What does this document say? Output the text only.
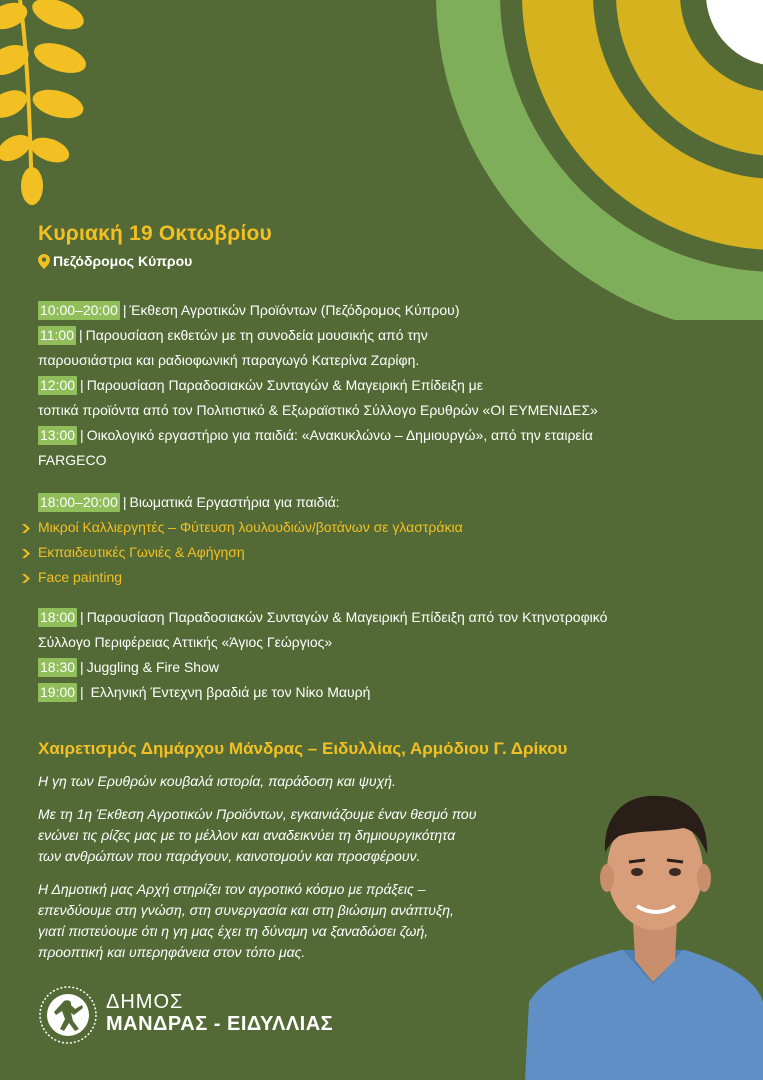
Κυριακή 19 Οκτωβρίου
Πεζόδρομος Κύπρου
10:00–20:00 | Έκθεση Αγροτικών Προϊόντων (Πεζόδρομος Κύπρου)
11:00 | Παρουσίαση εκθετών με τη συνοδεία μουσικής από την
παρουσιάστρια και ραδιοφωνική παραγωγό Κατερίνα Ζαρίφη.
12:00 | Παρουσίαση Παραδοσιακών Συνταγών & Μαγειρική Επίδειξη με
τοπικά προϊόντα από τον Πολιτιστικό & Εξωραϊστικό Σύλλογο Ερυθρών «ΟΙ ΕΥΜΕΝΙΔΕΣ»
13:00 | Οικολογικό εργαστήριο για παιδιά: «Ανακυκλώνω – Δημιουργώ», από την εταιρεία
FARGECO
18:00–20:00 | Βιωματικά Εργαστήρια για παιδιά:
Μικροί Καλλιεργητές – Φύτευση λουλουδιών/βοτάνων σε γλαστράκια
Εκπαιδευτικές Γωνιές & Αφήγηση
Face painting
18:00 | Παρουσίαση Παραδοσιακών Συνταγών & Μαγειρική Επίδειξη από τον Κτηνοτροφικό
Σύλλογο Περιφέρειας Αττικής «Άγιος Γεώργιος»
18:30 | Juggling & Fire Show
19:00 | Ελληνική Έντεχνη βραδιά με τον Νίκο Μαυρή
Χαιρετισμός Δημάρχου Μάνδρας – Ειδυλλίας, Αρμόδιου Γ. Δρίκου

Η γη των Ερυθρών κουβαλά ιστορία, παράδοση και ψυχή.

Με τη 1η Έκθεση Αγροτικών Προϊόντων, εγκαινιάζουμε έναν θεσμό που

ενώνει τις ρίζες μας με το μέλλον και αναδεικνύει τη δημιουργικότητα

των ανθρώπων που παράγουν, καινοτομούν και προσφέρουν.

Η Δημοτική μας Αρχή στηρίζει τον αγροτικό κόσμο με πράξεις –

επενδύουμε στη γνώση, στη συνεργασία και στη βιώσιμη ανάπτυξη,

γιατί πιστεύουμε ότι η γη μας έχει τη δύναμη να ξαναδώσει ζωή,

προοπτική και υπερηφάνεια στον τόπο μας.

ΔΗΜΟΣ
ΜΑΝΔΡΑΣ - ΕΙΔΥΛΛΙΑΣ
